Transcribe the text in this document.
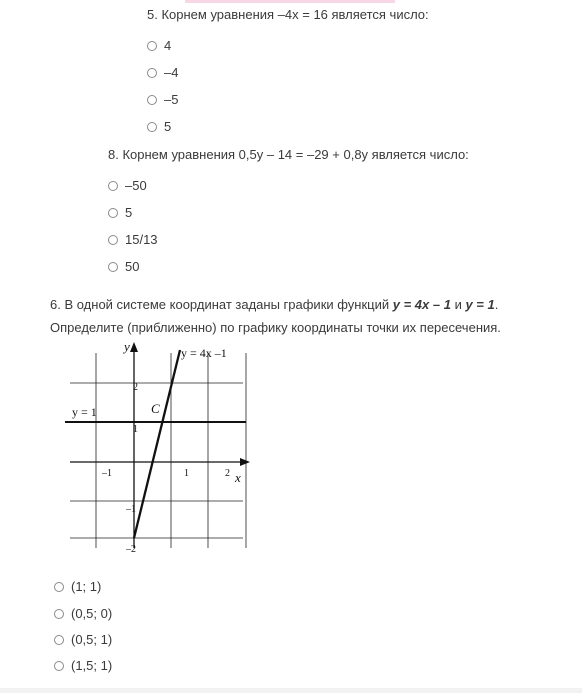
5. Корнем уравнения –4х = 16 является число:
4
–4
–5
5
8. Корнем уравнения 0,5y – 14 = –29 + 0,8y является число:
–50
5
15/13
50
6. В одной системе координат заданы графики функций y = 4x – 1 и y = 1.
Определите (приближенно) по графику координаты точки их пересечения.
y
x
y = 4x –1
y = 1	C
2
1
–1
–2
–1	1	2
(1; 1)
(0,5; 0)
(0,5; 1)
(1,5; 1)
